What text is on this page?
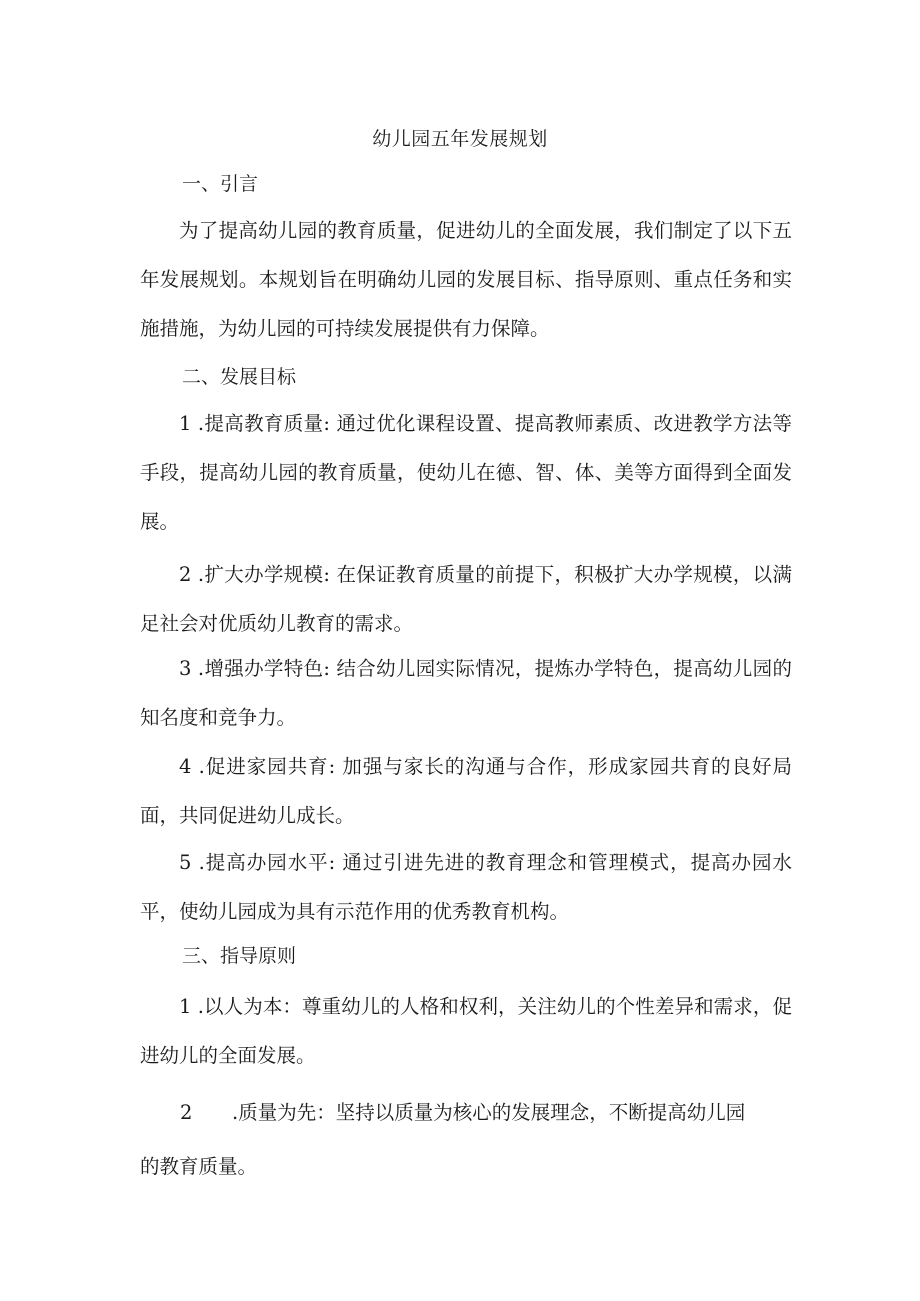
幼儿园五年发展规划
一、引言

为了提高幼儿园的教育质量，促进幼儿的全面发展，我们制定了以下五年发展规划。本规划旨在明确幼儿园的发展目标、指导原则、重点任务和实施措施，为幼儿园的可持续发展提供有力保障。

二、发展目标

1 .提高教育质量: 通过优化课程设置、提高教师素质、改进教学方法等手段，提高幼儿园的教育质量，使幼儿在德、智、体、美等方面得到全面发展。

2 .扩大办学规模: 在保证教育质量的前提下，积极扩大办学规模，以满足社会对优质幼儿教育的需求。

3 .增强办学特色: 结合幼儿园实际情况，提炼办学特色，提高幼儿园的知名度和竞争力。

4 .促进家园共育: 加强与家长的沟通与合作，形成家园共育的良好局面，共同促进幼儿成长。

5 .提高办园水平: 通过引进先进的教育理念和管理模式，提高办园水平，使幼儿园成为具有示范作用的优秀教育机构。

三、指导原则

1 .以人为本：尊重幼儿的人格和权利，关注幼儿的个性差异和需求，促进幼儿的全面发展。

2 .质量为先：坚持以质量为核心的发展理念，不断提高幼儿园
的教育质量。
